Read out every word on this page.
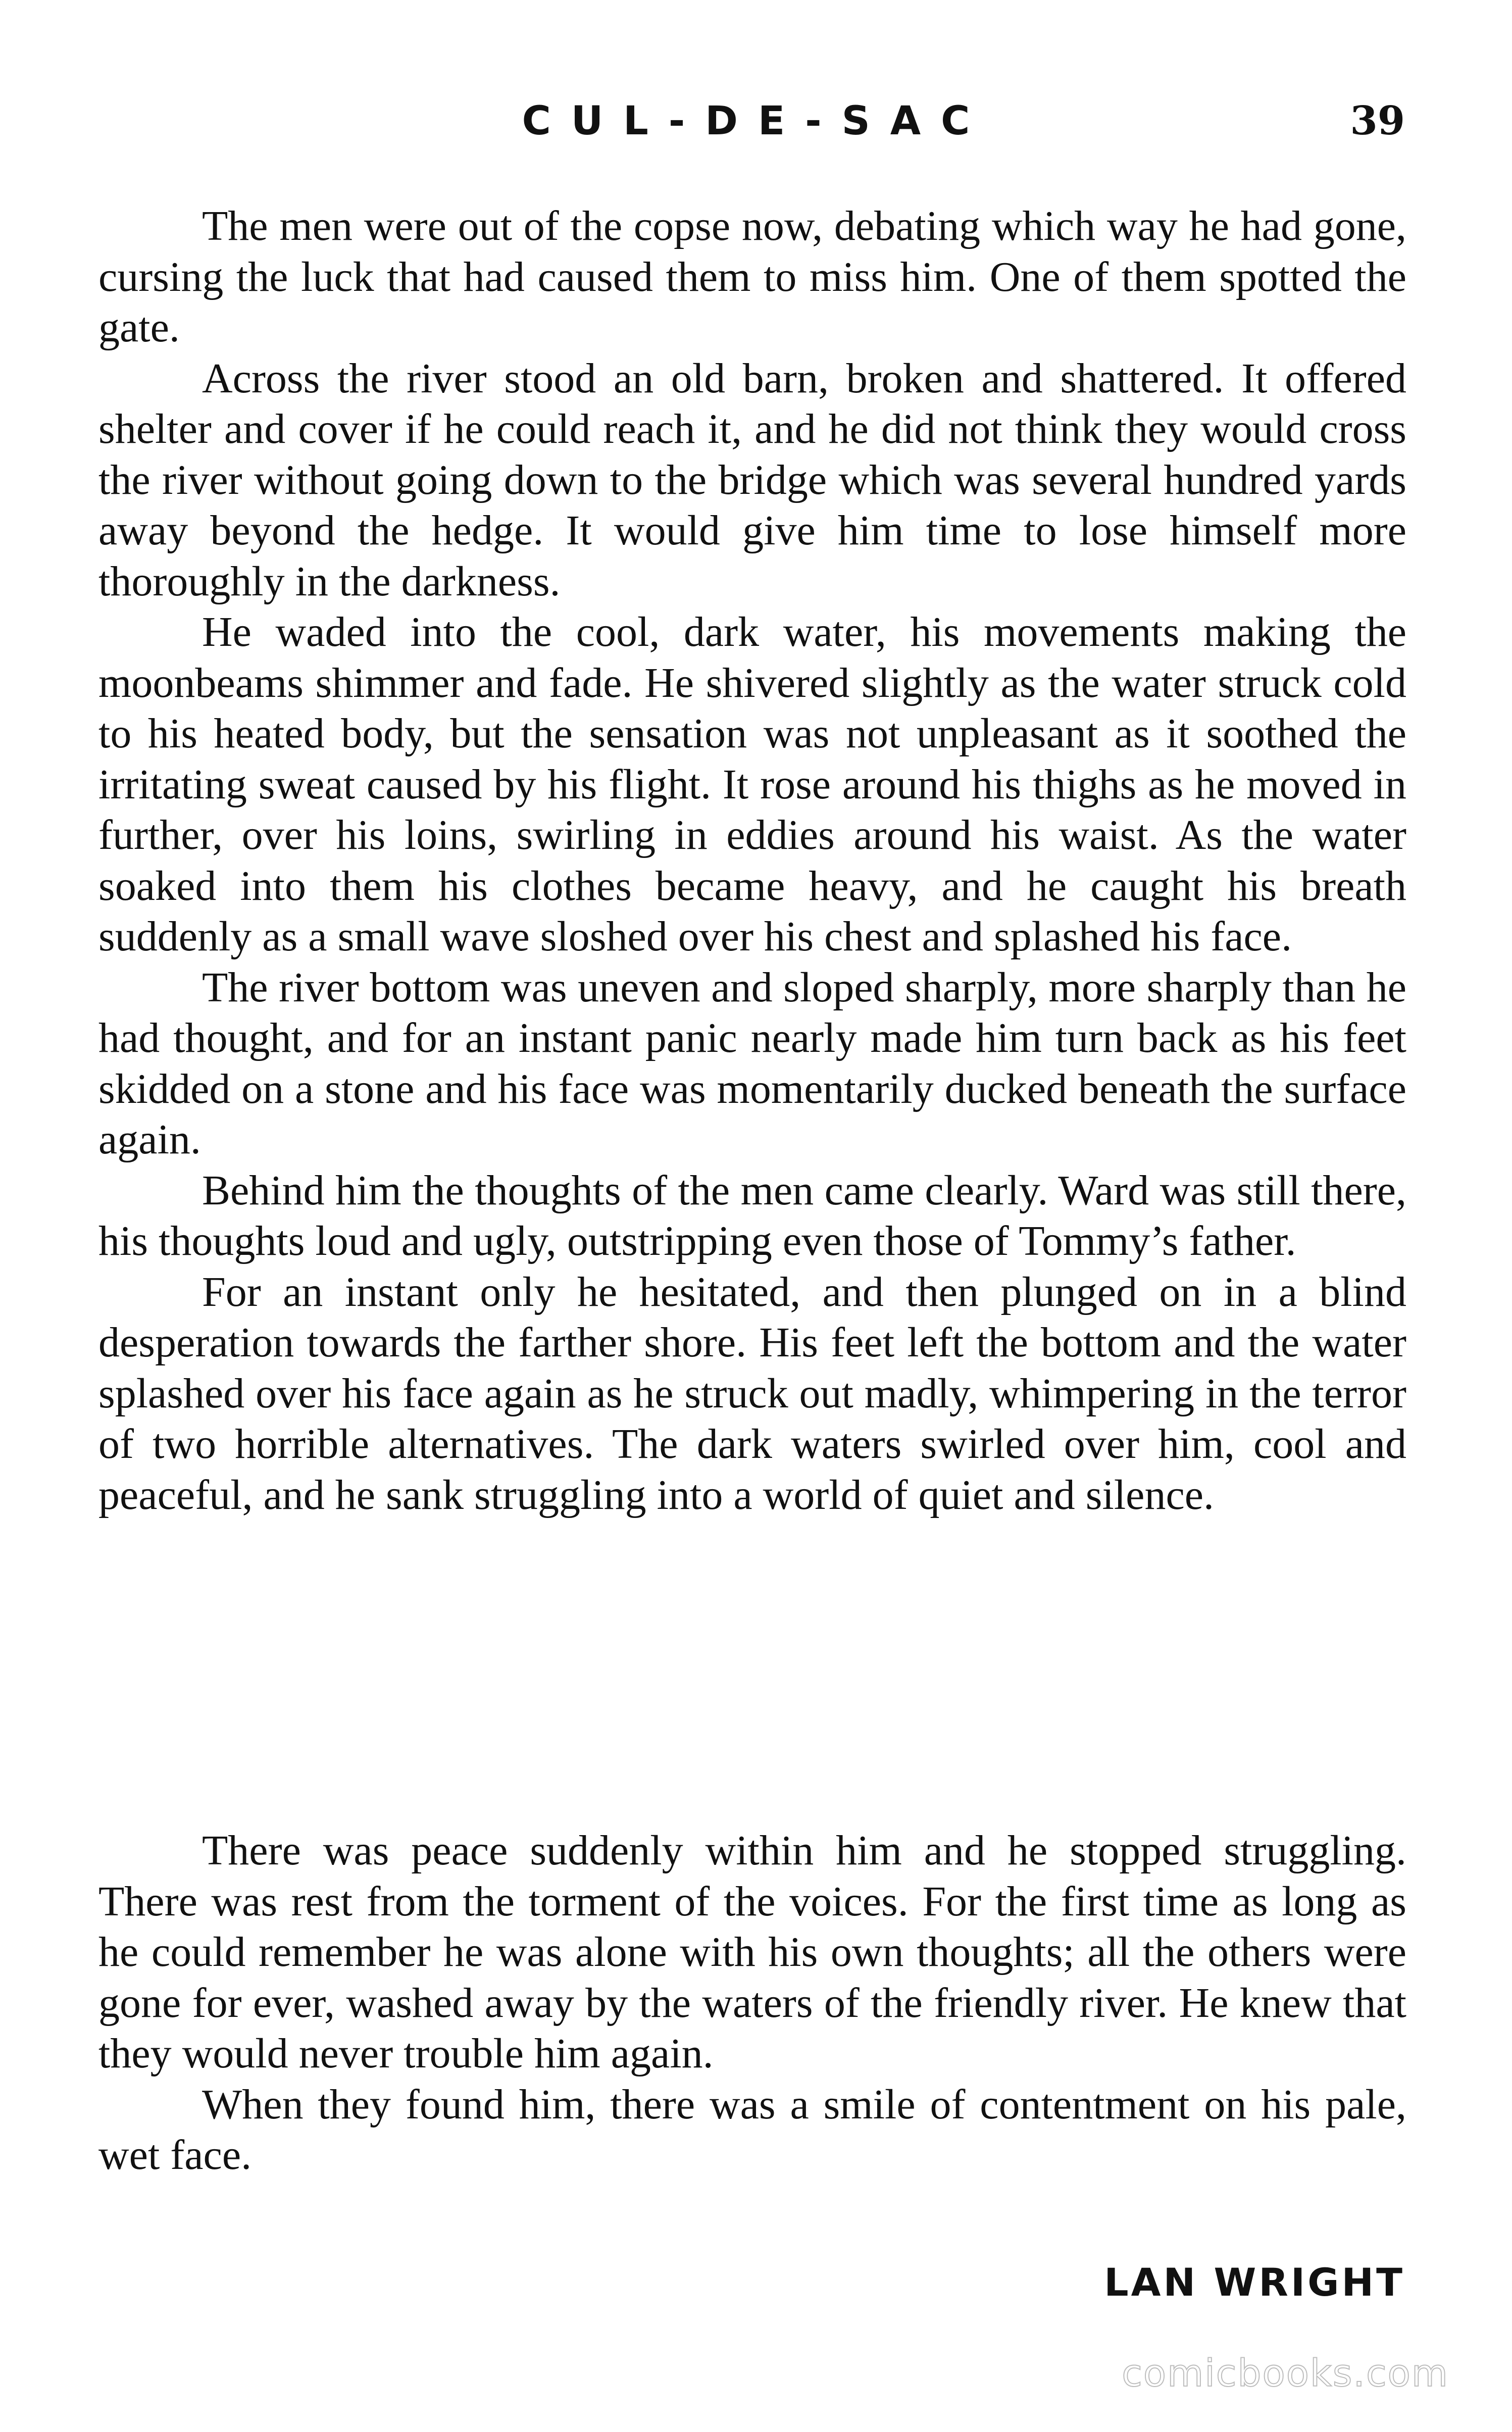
CUL-DE-SAC	39

The men were out of the copse now, debating which way he had gone, cursing the luck that had caused them to miss him. One of them spotted the gate.

Across the river stood an old barn, broken and shattered. It offered shelter and cover if he could reach it, and he did not think they would cross the river without going down to the bridge which was several hundred yards away beyond the hedge. It would give him time to lose himself more thoroughly in the darkness.

He waded into the cool, dark water, his movements making the moonbeams shimmer and fade. He shivered slightly as the water struck cold to his heated body, but the sensation was not unpleasant as it soothed the irritating sweat caused by his flight. It rose around his thighs as he moved in further, over his loins, swirling in eddies around his waist. As the water soaked into them his clothes became heavy, and he caught his breath suddenly as a small wave sloshed over his chest and splashed his face.

The river bottom was uneven and sloped sharply, more sharply than he had thought, and for an instant panic nearly made him turn back as his feet skidded on a stone and his face was momentarily ducked beneath the surface again.

Behind him the thoughts of the men came clearly. Ward was still there, his thoughts loud and ugly, outstripping even those of Tommy’s father.

For an instant only he hesitated, and then plunged on in a blind desperation towards the farther shore. His feet left the bottom and the water splashed over his face again as he struck out madly, whimpering in the terror of two horrible alternatives. The dark waters swirled over him, cool and peaceful, and he sank struggling into a world of quiet and silence.

There was peace suddenly within him and he stopped struggling. There was rest from the torment of the voices. For the first time as long as he could remember he was alone with his own thoughts; all the others were gone for ever, washed away by the waters of the friendly river. He knew that they would never trouble him again.

When they found him, there was a smile of contentment on his pale, wet face.

LAN WRIGHT
comicbooks.com
